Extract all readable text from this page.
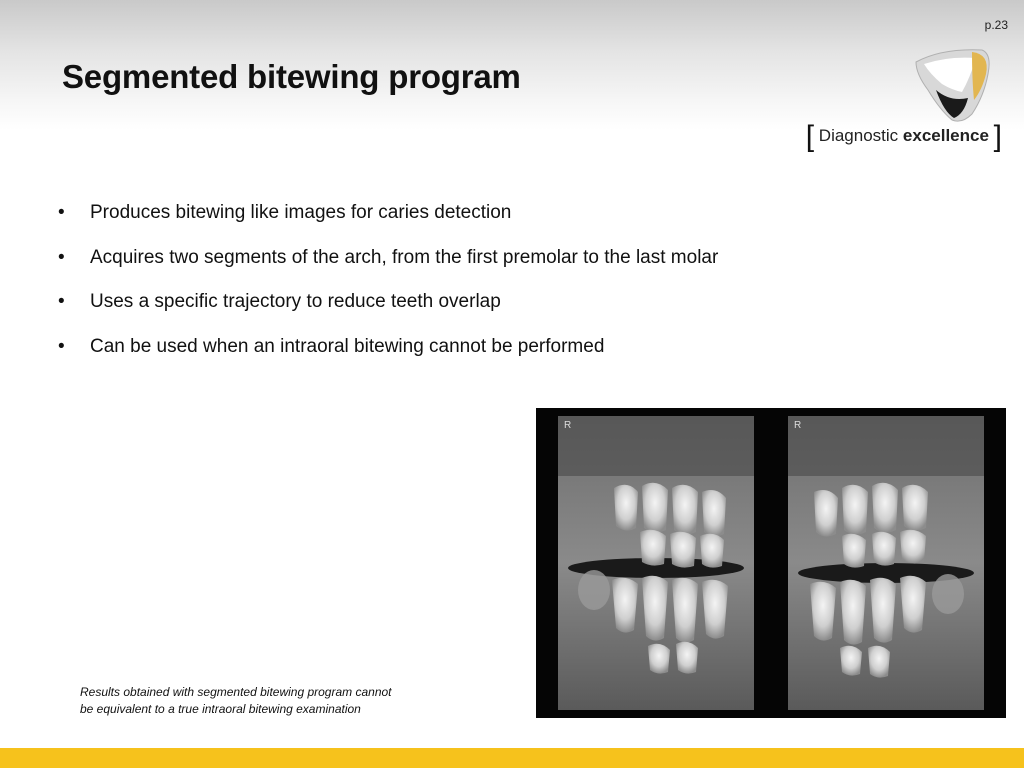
p.23
Segmented bitewing program
[ Diagnostic excellence ]
•	Produces bitewing like images for caries detection
•	Acquires two segments of the arch, from the first premolar to the last molar
•	Uses a specific trajectory to reduce teeth overlap
•	Can be used when an intraoral bitewing cannot be performed
R	R
Results obtained with segmented bitewing program cannot
be equivalent to a true intraoral bitewing examination
